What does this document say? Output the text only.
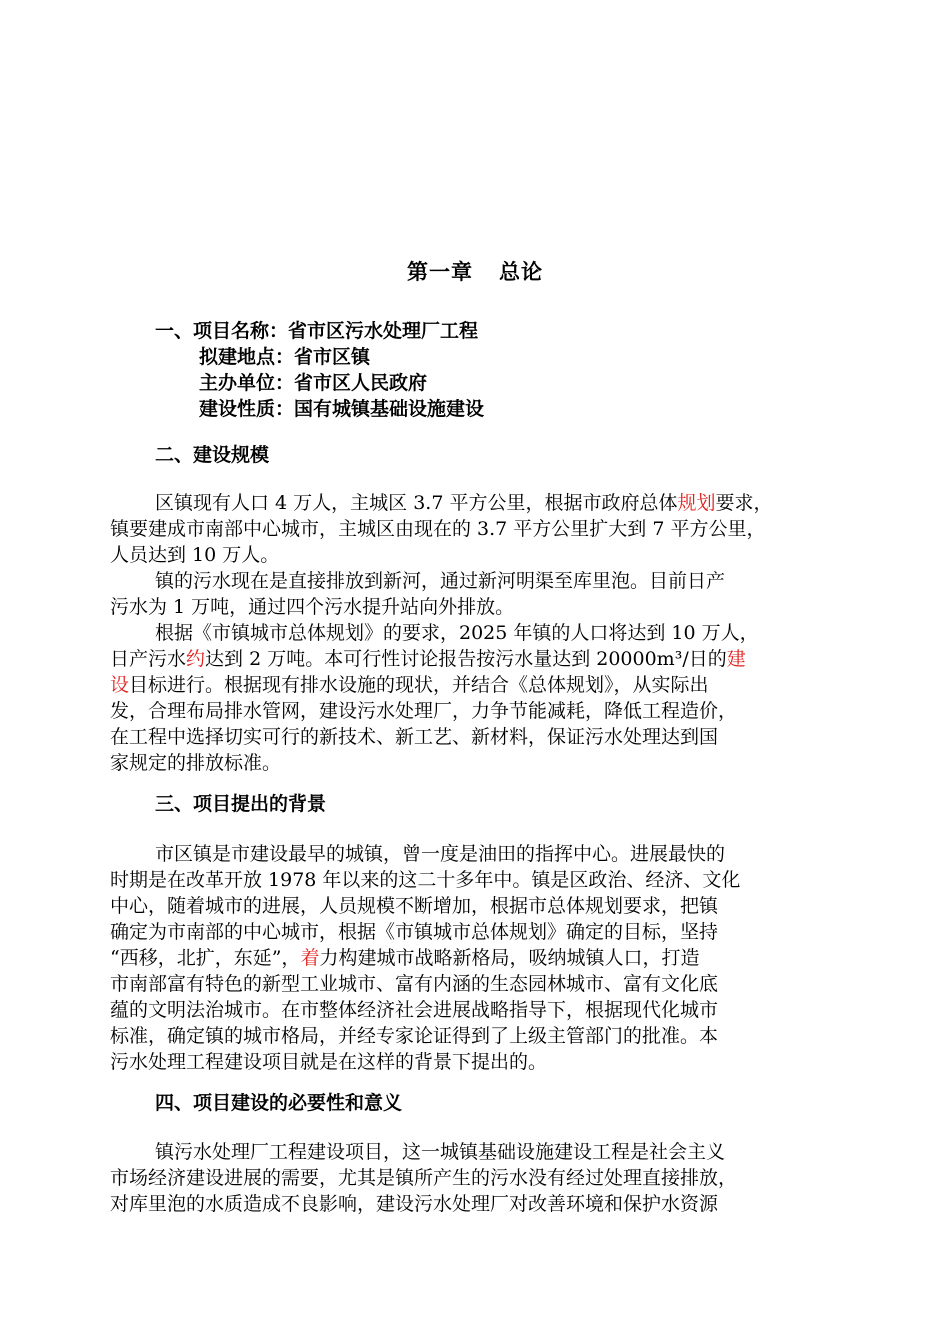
第一章 总论
一、项目名称：省市区污水处理厂工程
拟建地点：省市区镇
主办单位：省市区人民政府
建设性质：国有城镇基础设施建设
二、建设规模
区镇现有人口 4 万人，主城区 3.7 平方公里，根据市政府总体规划要求，
镇要建成市南部中心城市，主城区由现在的 3.7 平方公里扩大到 7 平方公里，
人员达到 10 万人。
镇的污水现在是直接排放到新河，通过新河明渠至库里泡。目前日产
污水为 1 万吨，通过四个污水提升站向外排放。
根据《市镇城市总体规划》的要求，2025 年镇的人口将达到 10 万人，
日产污水约达到 2 万吨。本可行性讨论报告按污水量达到 20000m³/日的建
设目标进行。根据现有排水设施的现状，并结合《总体规划》，从实际出
发，合理布局排水管网，建设污水处理厂，力争节能减耗，降低工程造价，
在工程中选择切实可行的新技术、新工艺、新材料，保证污水处理达到国
家规定的排放标准。
三、项目提出的背景
市区镇是市建设最早的城镇，曾一度是油田的指挥中心。进展最快的
时期是在改革开放 1978 年以来的这二十多年中。镇是区政治、经济、文化
中心，随着城市的进展，人员规模不断增加，根据市总体规划要求，把镇
确定为市南部的中心城市，根据《市镇城市总体规划》确定的目标，坚持
“西移，北扩，东延”，着力构建城市战略新格局，吸纳城镇人口，打造
市南部富有特色的新型工业城市、富有内涵的生态园林城市、富有文化底
蕴的文明法治城市。在市整体经济社会进展战略指导下，根据现代化城市
标准，确定镇的城市格局，并经专家论证得到了上级主管部门的批准。本
污水处理工程建设项目就是在这样的背景下提出的。
四、项目建设的必要性和意义
镇污水处理厂工程建设项目，这一城镇基础设施建设工程是社会主义
市场经济建设进展的需要，尤其是镇所产生的污水没有经过处理直接排放，
对库里泡的水质造成不良影响，建设污水处理厂对改善环境和保护水资源
